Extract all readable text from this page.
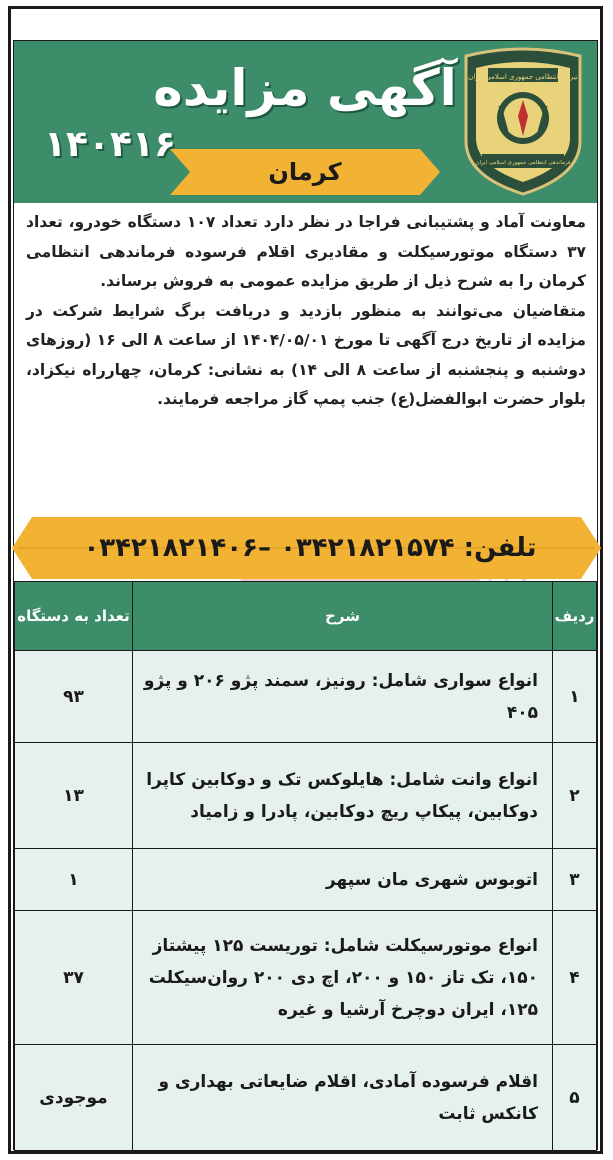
آگهی مزایده
۱۴۰۴۱۶
نیروی انتظامی جمهوری اسلامی ایران
فرماندهی انتظامی جمهوری اسلامی ایران
کرمان

معاونت آماد و پشتیبانی فراجا در نظر دارد تعداد ۱۰۷ دستگاه خودرو، تعداد ۳۷ دستگاه موتورسیکلت و مقادیری اقلام فرسوده فرماندهی انتظامی کرمان را به شرح ذیل از طریق مزایده عمومی به فروش برساند.

متقاضیان می‌توانند به منظور بازدید و دریافت برگ شرایط شرکت در مزایده از تاریخ درج آگهی تا مورخ ۱۴۰۴/۰۵/۰۱ از ساعت ۸ الی ۱۶ (روزهای دوشنبه و پنجشنبه از ساعت ۸ الی ۱۴) به نشانی: کرمان، چهارراه نیکزاد، بلوار حضرت ابوالفضل(ع) جنب پمپ گاز مراجعه فرمایند.

تلفن: ۰۳۴۲۱۸۲۱۵۷۴ –۰۳۴۲۱۸۲۱۴۰۶
ردیف	شرح	تعداد به دستگاه
۱	انواع سواری شامل: رونیز، سمند پژو ۲۰۶ و پژو ۴۰۵	۹۳
۲	انواع وانت شامل: هایلوکس تک و دوکابین کاپرا دوکابین، پیکاپ ریچ دوکابین، پادرا و زامیاد	۱۳
۳	اتوبوس شهری مان سپهر	۱
۴	انواع موتورسیکلت شامل: توریست ۱۲۵ پیشتاز ۱۵۰، تک تاز ۱۵۰ و ۲۰۰، اچ دی ۲۰۰ روان‌سیکلت ۱۲۵، ایران دوچرخ آرشیا و غیره	۳۷
۵	اقلام فرسوده آمادی، اقلام ضایعاتی بهداری و کانکس ثابت	موجودی
